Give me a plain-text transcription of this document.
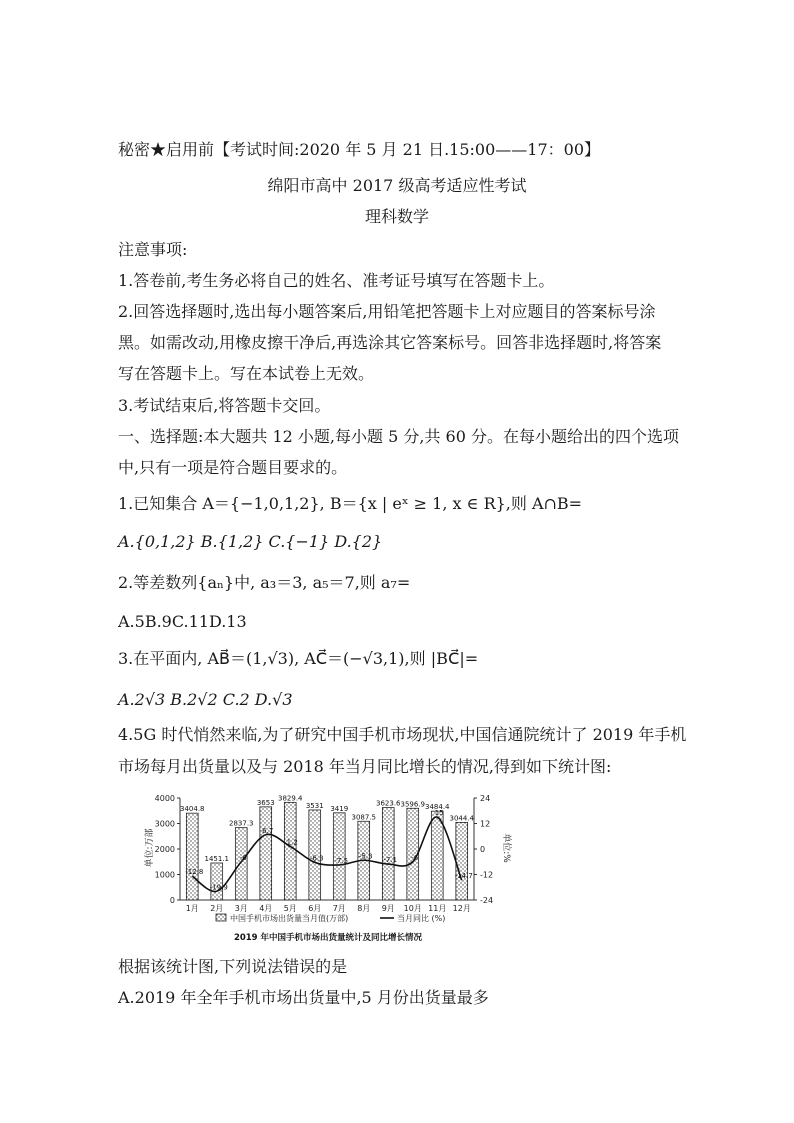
秘密★启用前【考试时间:2020 年 5 月 21 日.15:00——17：00】
绵阳市高中 2017 级高考适应性考试
理科数学
注意事项:
1.答卷前,考生务必将自己的姓名、准考证号填写在答题卡上。
2.回答选择题时,选出每小题答案后,用铅笔把答题卡上对应题目的答案标号涂
黑。如需改动,用橡皮擦干净后,再选涂其它答案标号。回答非选择题时,将答案
写在答题卡上。写在本试卷上无效。
3.考试结束后,将答题卡交回。
一、选择题:本大题共 12 小题,每小题 5 分,共 60 分。在每小题给出的四个选项
中,只有一项是符合题目要求的。
1.已知集合 A＝{−1,0,1,2}, B＝{x | eˣ ≥ 1, x ∈ R},则 A∩B=
A.{0,1,2} B.{1,2} C.{−1} D.{2}
2.等差数列{aₙ}中, a₃＝3, a₅＝7,则 a₇=
A.5B.9C.11D.13
3.在平面内, AB⃗＝(1,√3), AC⃗＝(−√3,1),则 |BC⃗|=
A.2√3 B.2√2 C.2 D.√3
4.5G 时代悄然来临,为了研究中国手机市场现状,中国信通院统计了 2019 年手机
市场每月出货量以及与 2018 年当月同比增长的情况,得到如下统计图:
0
1000
2000
3000
4000
-24
-12
0
12
24
单位:万部	单位:%
3404.8
1月
1451.1
2月
2837.3
3月
3653
4月
3829.4
5月
3531
6月
3419
7月
3087.5
8月
3623.6
9月
3596.9
10月
3484.4
11月
3044.4
12月
-12.8
-19.9
-6
6.7
1.2
-6.3 -7.5
-5.3 -7.1 -6
15
-14.7
中国手机市场出货量当月值(万部)	当月同比 (%)
2019 年中国手机市场出货量统计及同比增长情况
根据该统计图,下列说法错误的是
A.2019 年全年手机市场出货量中,5 月份出货量最多
